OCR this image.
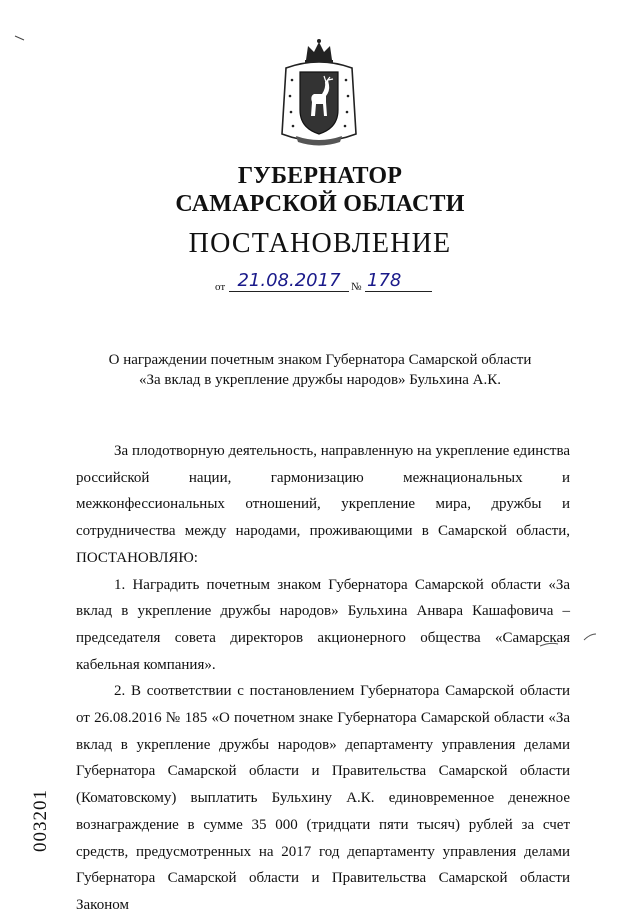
ГУБЕРНАТОР
САМАРСКОЙ ОБЛАСТИ
ПОСТАНОВЛЕНИЕ
от 21.08.2017 № 178
О награждении почетным знаком Губернатора Самарской области
«За вклад в укрепление дружбы народов» Бульхина А.К.

За плодотворную деятельность, направленную на укрепление единства российской нации, гармонизацию межнациональных и межконфессиональных отношений, укрепление мира, дружбы и сотрудничества между народами, проживающими в Самарской области, ПОСТАНОВЛЯЮ:

1. Наградить почетным знаком Губернатора Самарской области «За вклад в укрепление дружбы народов» Бульхина Анвара Кашафовича – председателя совета директоров акционерного общества «Самарская кабельная компания».

2. В соответствии с постановлением Губернатора Самарской области от 26.08.2016 № 185 «О почетном знаке Губернатора Самарской области «За вклад в укрепление дружбы народов» департаменту управления делами Губернатора Самарской области и Правительства Самарской области (Коматовскому) выплатить Бульхину А.К. единовременное денежное вознаграждение в сумме 35 000 (тридцати пяти тысяч) рублей за счет средств, предусмотренных на 2017 год департаменту управления делами Губернатора Самарской области и Правительства Самарской области Законом

003201
